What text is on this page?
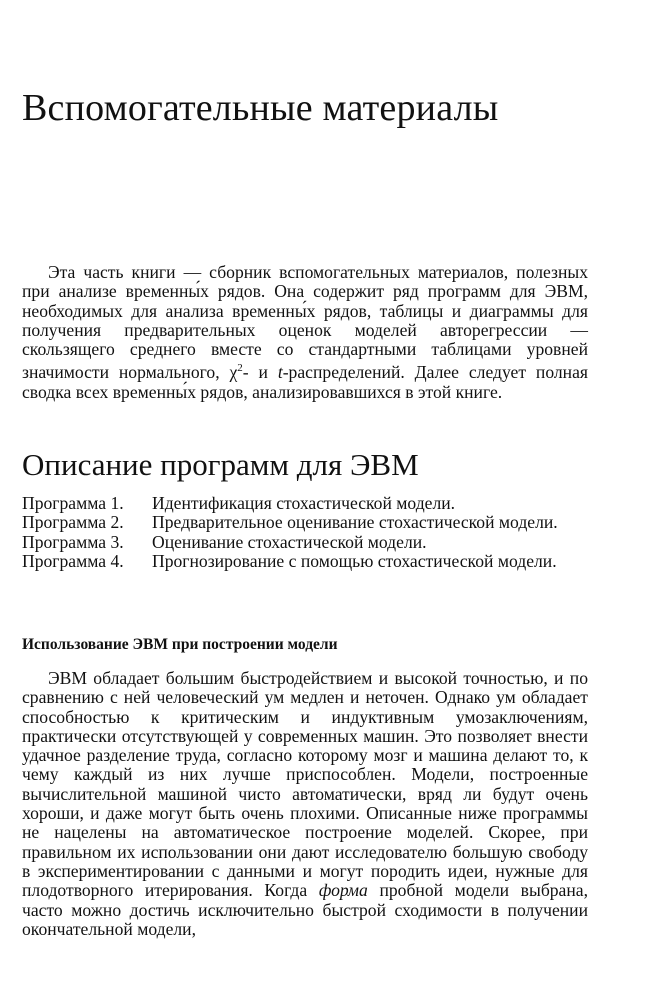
Вспомогательные материалы

Эта часть книги — сборник вспомогательных материалов, полезных при анализе временны́х рядов. Она содержит ряд программ для ЭВМ, необходимых для анализа временны́х рядов, таблицы и диаграммы для получения предварительных оценок моделей авторегрессии — скользящего среднего вместе со стандартными таблицами уровней значимости нормального, $\chi^2-$ и t-распределений. Далее следует полная сводка всех временны́х рядов, анализировавшихся в этой книге.

Описание программ для ЭВМ
Программа 1.	Идентификация стохастической модели.
Программа 2.	Предварительное оценивание стохастической модели.
Программа 3.	Оценивание стохастической модели.
Программа 4.	Прогнозирование с помощью стохастической модели.
Использование ЭВМ при построении модели

ЭВМ обладает большим быстродействием и высокой точностью, и по сравнению с ней человеческий ум медлен и неточен. Однако ум обладает способностью к критическим и индуктивным умозаключениям, практически отсутствующей у современных машин. Это позволяет внести удачное разделение труда, согласно которому мозг и машина делают то, к чему каждый из них лучше приспособлен. Модели, построенные вычислительной машиной чисто автоматически, вряд ли будут очень хороши, и даже могут быть очень плохими. Описанные ниже программы не нацелены на автоматическое построение моделей. Скорее, при правильном их использовании они дают исследователю большую свободу в экспериментировании с данными и могут породить идеи, нужные для плодотворного итерирования. Когда форма пробной модели выбрана, часто можно достичь исключительно быстрой сходимости в получении окончательной модели,
